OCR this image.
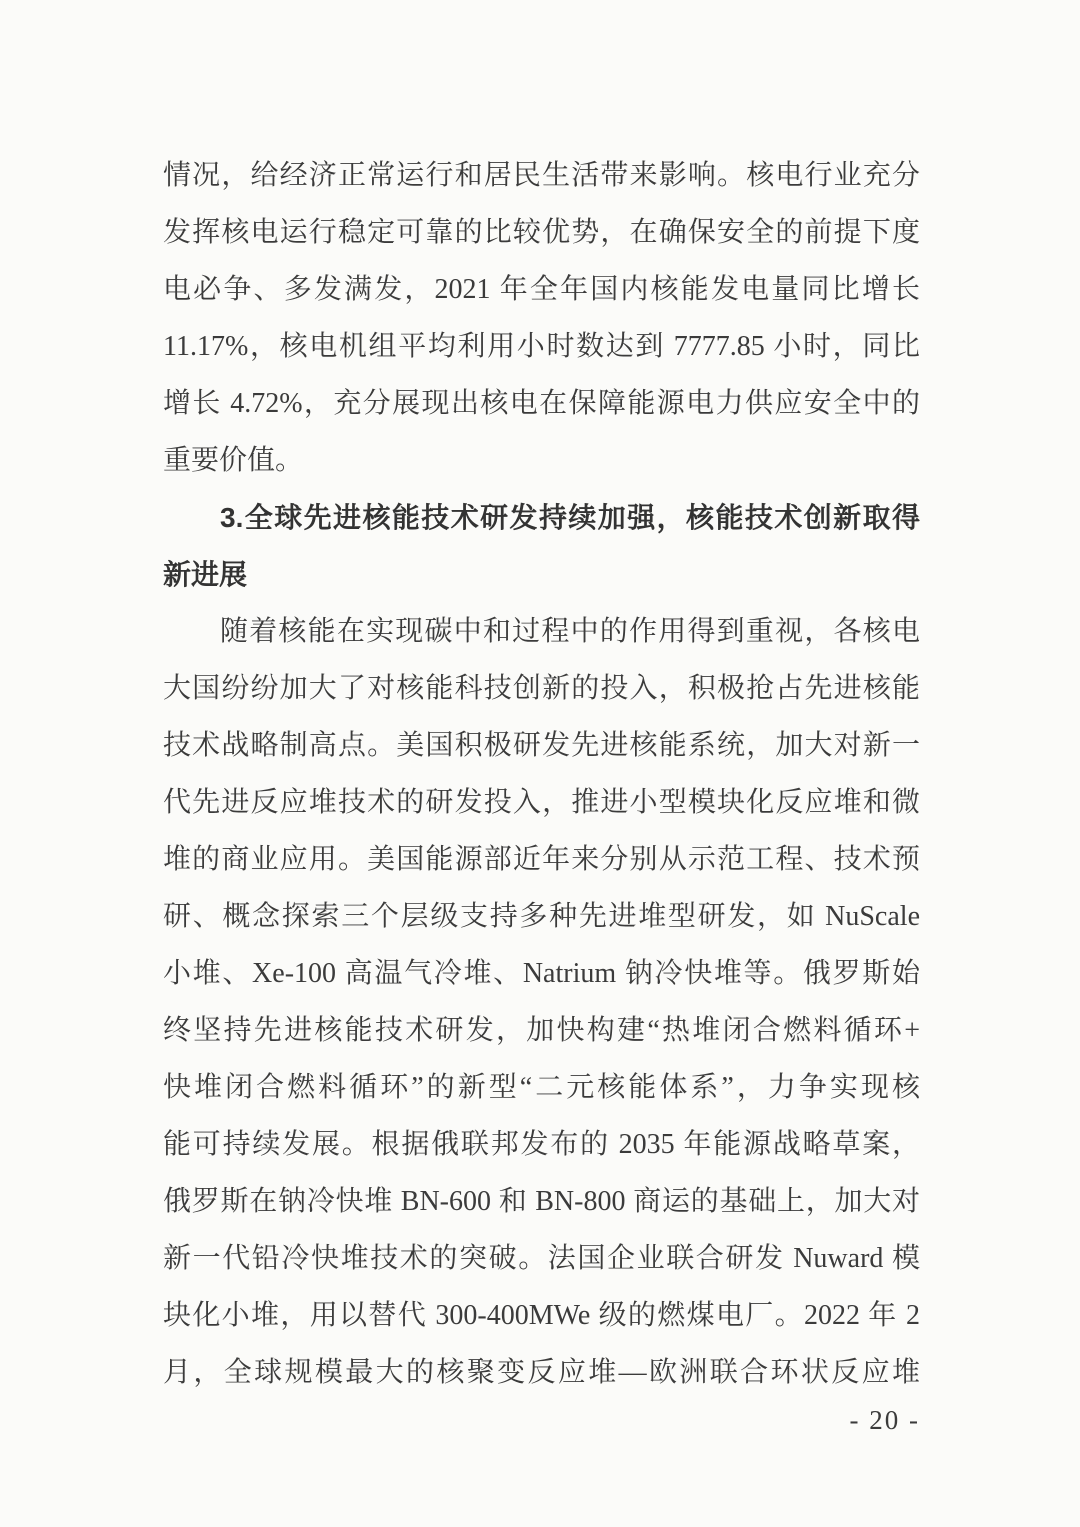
情况，给经济正常运行和居民生活带来影响。核电行业充分

发挥核电运行稳定可靠的比较优势，在确保安全的前提下度

电必争、多发满发，2021 年全年国内核能发电量同比增长

11.17%，核电机组平均利用小时数达到 7777.85 小时，同比

增长 4.72%，充分展现出核电在保障能源电力供应安全中的

重要价值。

3.全球先进核能技术研发持续加强，核能技术创新取得
新进展

随着核能在实现碳中和过程中的作用得到重视，各核电

大国纷纷加大了对核能科技创新的投入，积极抢占先进核能

技术战略制高点。美国积极研发先进核能系统，加大对新一

代先进反应堆技术的研发投入，推进小型模块化反应堆和微

堆的商业应用。美国能源部近年来分别从示范工程、技术预

研、概念探索三个层级支持多种先进堆型研发，如 NuScale

小堆、Xe-100 高温气冷堆、Natrium 钠冷快堆等。俄罗斯始

终坚持先进核能技术研发，加快构建“热堆闭合燃料循环+

快堆闭合燃料循环”的新型“二元核能体系”，力争实现核

能可持续发展。根据俄联邦发布的 2035 年能源战略草案，

俄罗斯在钠冷快堆 BN-600 和 BN-800 商运的基础上，加大对

新一代铅冷快堆技术的突破。法国企业联合研发 Nuward 模

块化小堆，用以替代 300-400MWe 级的燃煤电厂。2022 年 2

月，全球规模最大的核聚变反应堆—欧洲联合环状反应堆

- 20 -
